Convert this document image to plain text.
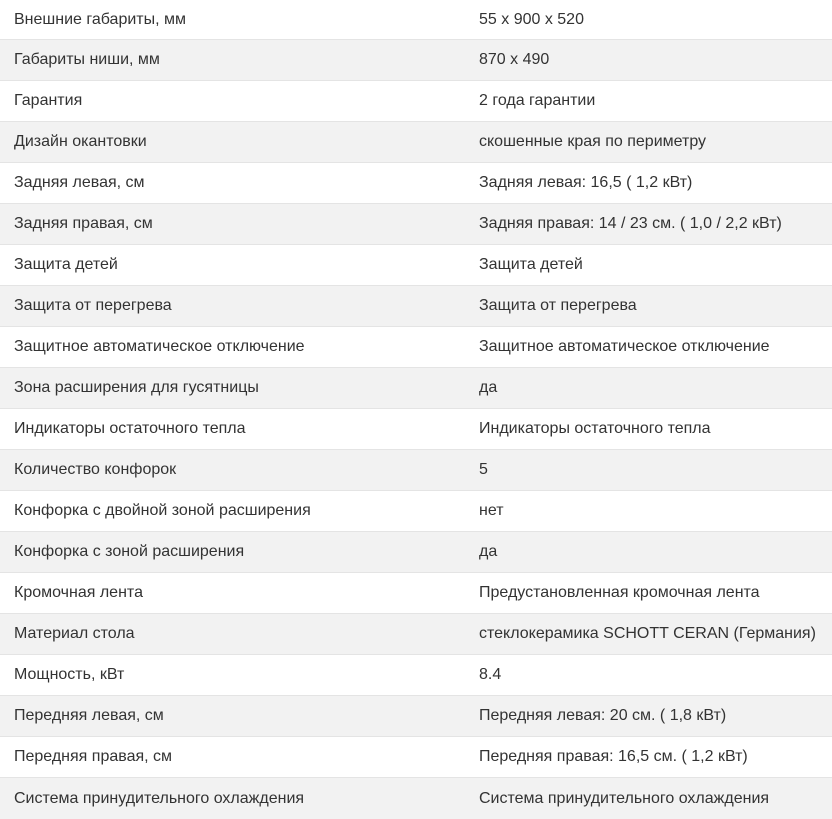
Внешние габариты, мм	55 x 900 x 520
Габариты ниши, мм	870 x 490
Гарантия	2 года гарантии
Дизайн окантовки	скошенные края по периметру
Задняя левая, см	Задняя левая: 16,5 ( 1,2 кВт)
Задняя правая, см	Задняя правая: 14 / 23 см. ( 1,0 / 2,2 кВт)
Защита детей	Защита детей
Защита от перегрева	Защита от перегрева
Защитное автоматическое отключение	Защитное автоматическое отключение
Зона расширения для гусятницы	да
Индикаторы остаточного тепла	Индикаторы остаточного тепла
Количество конфорок	5
Конфорка с двойной зоной расширения	нет
Конфорка с зоной расширения	да
Кромочная лента	Предустановленная кромочная лента
Материал стола	стеклокерамика SCHOTT CERAN (Германия)
Мощность, кВт	8.4
Передняя левая, см	Передняя левая: 20 см. ( 1,8 кВт)
Передняя правая, см	Передняя правая: 16,5 см. ( 1,2 кВт)
Система принудительного охлаждения	Система принудительного охлаждения
